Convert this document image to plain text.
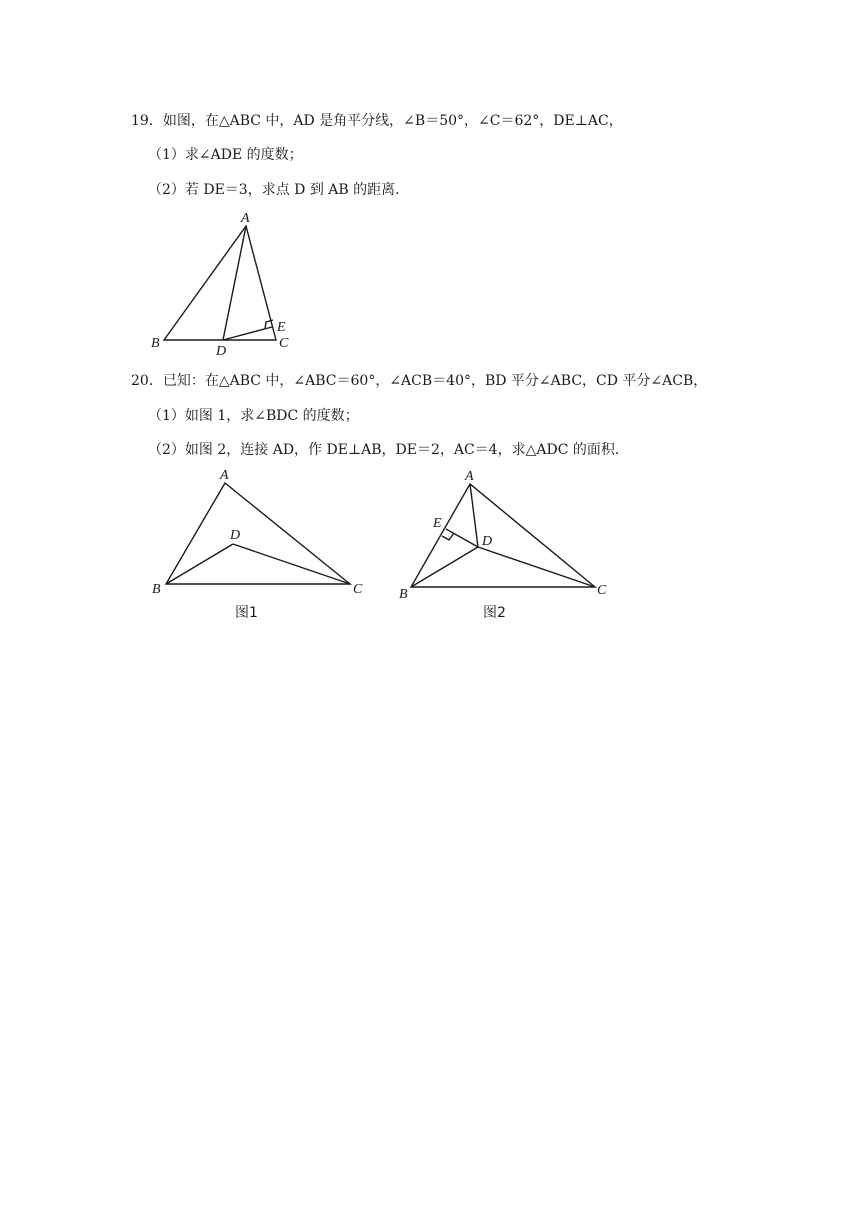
19．如图，在△ABC 中，AD 是角平分线，∠B＝50°，∠C＝62°，DE⊥AC，
（1）求∠ADE 的度数；
（2）若 DE＝3，求点 D 到 AB 的距离．
A
B	C
D
E
20．已知：在△ABC 中，∠ABC＝60°，∠ACB＝40°，BD 平分∠ABC，CD 平分∠ACB，
（1）如图 1，求∠BDC 的度数；
（2）如图 2，连接 AD，作 DE⊥AB，DE＝2，AC＝4，求△ADC 的面积．
A
B	C
D
图1
A
B	C
D
E
图2
